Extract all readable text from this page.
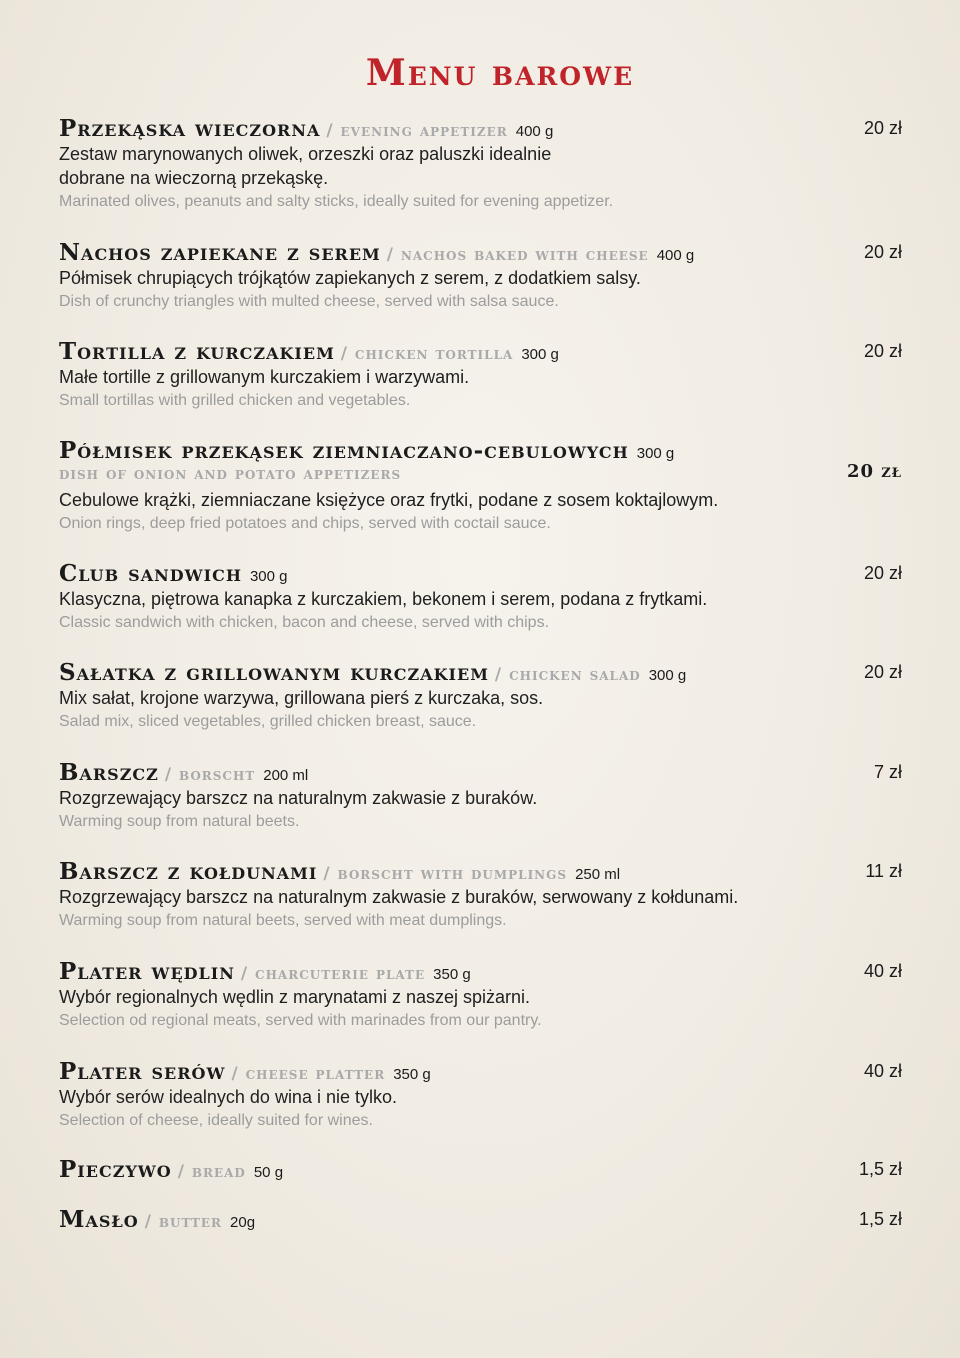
Menu barowe
Przekąska wieczorna / evening appetizer 400 g	20 zł

Zestaw marynowanych oliwek, orzeszki oraz paluszki idealnie

dobrane na wieczorną przekąskę.

Marinated olives, peanuts and salty sticks, ideally suited for evening appetizer.

Nachos zapiekane z serem / nachos baked with cheese 400 g	20 zł

Półmisek chrupiących trójkątów zapiekanych z serem, z dodatkiem salsy.

Dish of crunchy triangles with multed cheese, served with salsa sauce.

Tortilla z kurczakiem / chicken tortilla 300 g	20 zł

Małe tortille z grillowanym kurczakiem i warzywami.

Small tortillas with grilled chicken and vegetables.

Półmisek przekąsek ziemniaczano-cebulowych 300 g
dish of onion and potato appetizers	20 zł

Cebulowe krążki, ziemniaczane księżyce oraz frytki, podane z sosem koktajlowym.

Onion rings, deep fried potatoes and chips, served with coctail sauce.

Club sandwich 300 g	20 zł

Klasyczna, piętrowa kanapka z kurczakiem, bekonem i serem, podana z frytkami.

Classic sandwich with chicken, bacon and cheese, served with chips.

Sałatka z grillowanym kurczakiem / chicken salad 300 g	20 zł

Mix sałat, krojone warzywa, grillowana pierś z kurczaka, sos.

Salad mix, sliced vegetables, grilled chicken breast, sauce.

Barszcz / borscht 200 ml	7 zł

Rozgrzewający barszcz na naturalnym zakwasie z buraków.

Warming soup from natural beets.

Barszcz z kołdunami / borscht with dumplings 250 ml	11 zł

Rozgrzewający barszcz na naturalnym zakwasie z buraków, serwowany z kołdunami.

Warming soup from natural beets, served with meat dumplings.

Plater wędlin / charcuterie plate 350 g	40 zł

Wybór regionalnych wędlin z marynatami z naszej spiżarni.

Selection od regional meats, served with marinades from our pantry.

Plater serów / cheese platter 350 g	40 zł

Wybór serów idealnych do wina i nie tylko.

Selection of cheese, ideally suited for wines.

Pieczywo / bread 50 g	1,5 zł
Masło / butter 20g	1,5 zł
